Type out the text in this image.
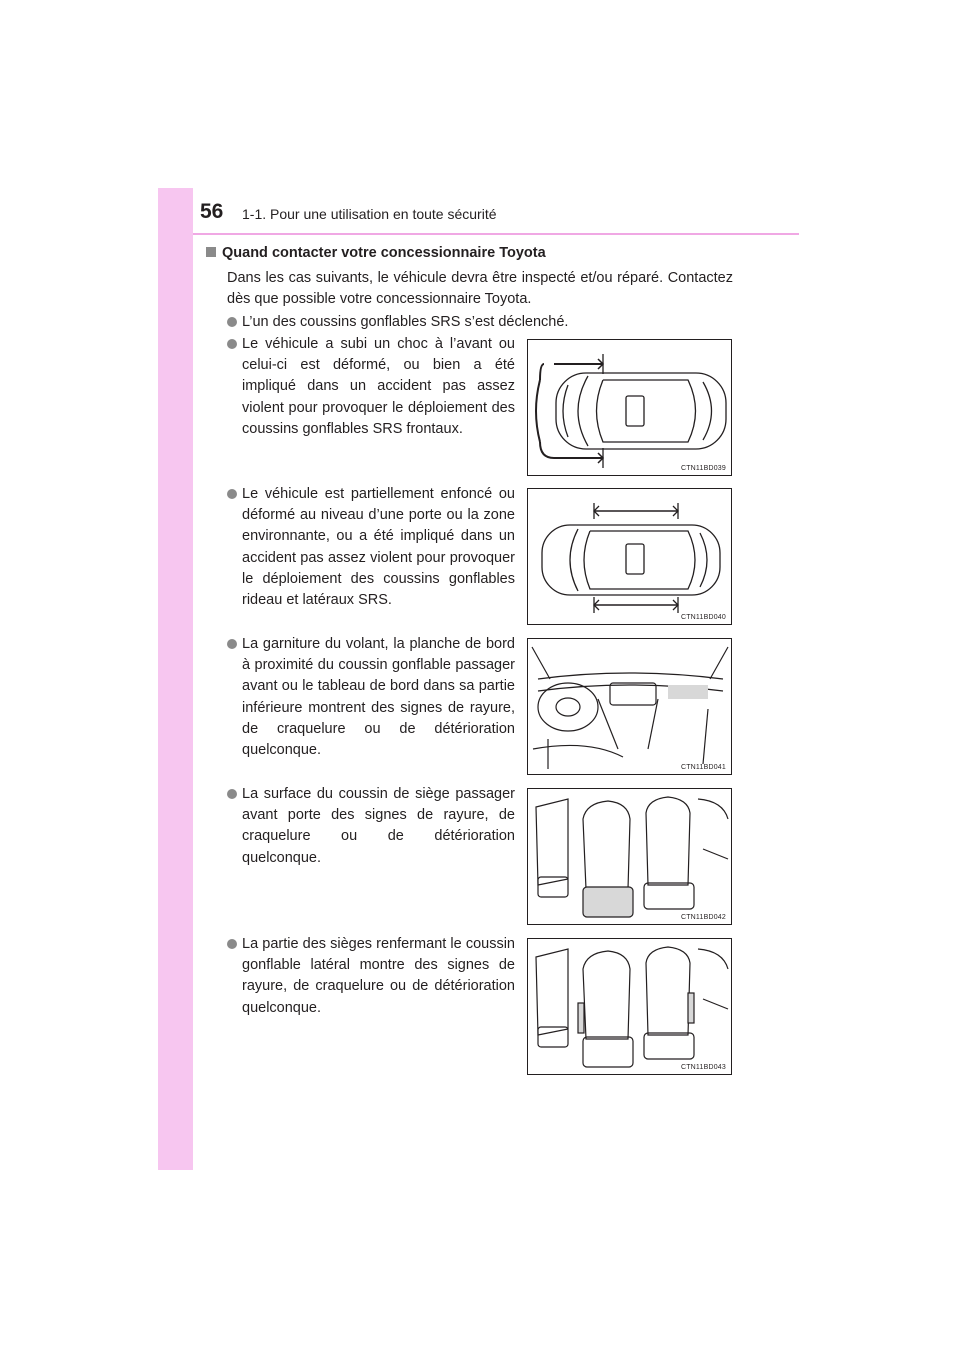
56 1-1. Pour une utilisation en toute sécurité
Quand contacter votre concessionnaire Toyota
Dans les cas suivants, le véhicule devra être inspecté et/ou réparé. Contactez dès que possible votre concessionnaire Toyota.
L’un des coussins gonflables SRS s’est déclenché.
Le véhicule a subi un choc à l’avant ou celui-ci est déformé, ou bien a été impliqué dans un accident pas assez violent pour provoquer le déploiement des coussins gonflables SRS frontaux.
CTN11BD039
Le véhicule est partiellement enfoncé ou déformé au niveau d’une porte ou la zone environnante, ou a été impliqué dans un accident pas assez violent pour provoquer le déploiement des coussins gonflables rideau et latéraux SRS.
CTN11BD040
La garniture du volant, la planche de bord à proximité du coussin gonflable passager avant ou le tableau de bord dans sa partie inférieure montrent des signes de rayure, de craquelure ou de détérioration quelconque.
CTN11BD041
La surface du coussin de siège passager avant porte des signes de rayure, de craquelure ou de détérioration quelconque.
CTN11BD042
La partie des sièges renfermant le coussin gonflable latéral montre des signes de rayure, de craquelure ou de détérioration quelconque.
CTN11BD043
